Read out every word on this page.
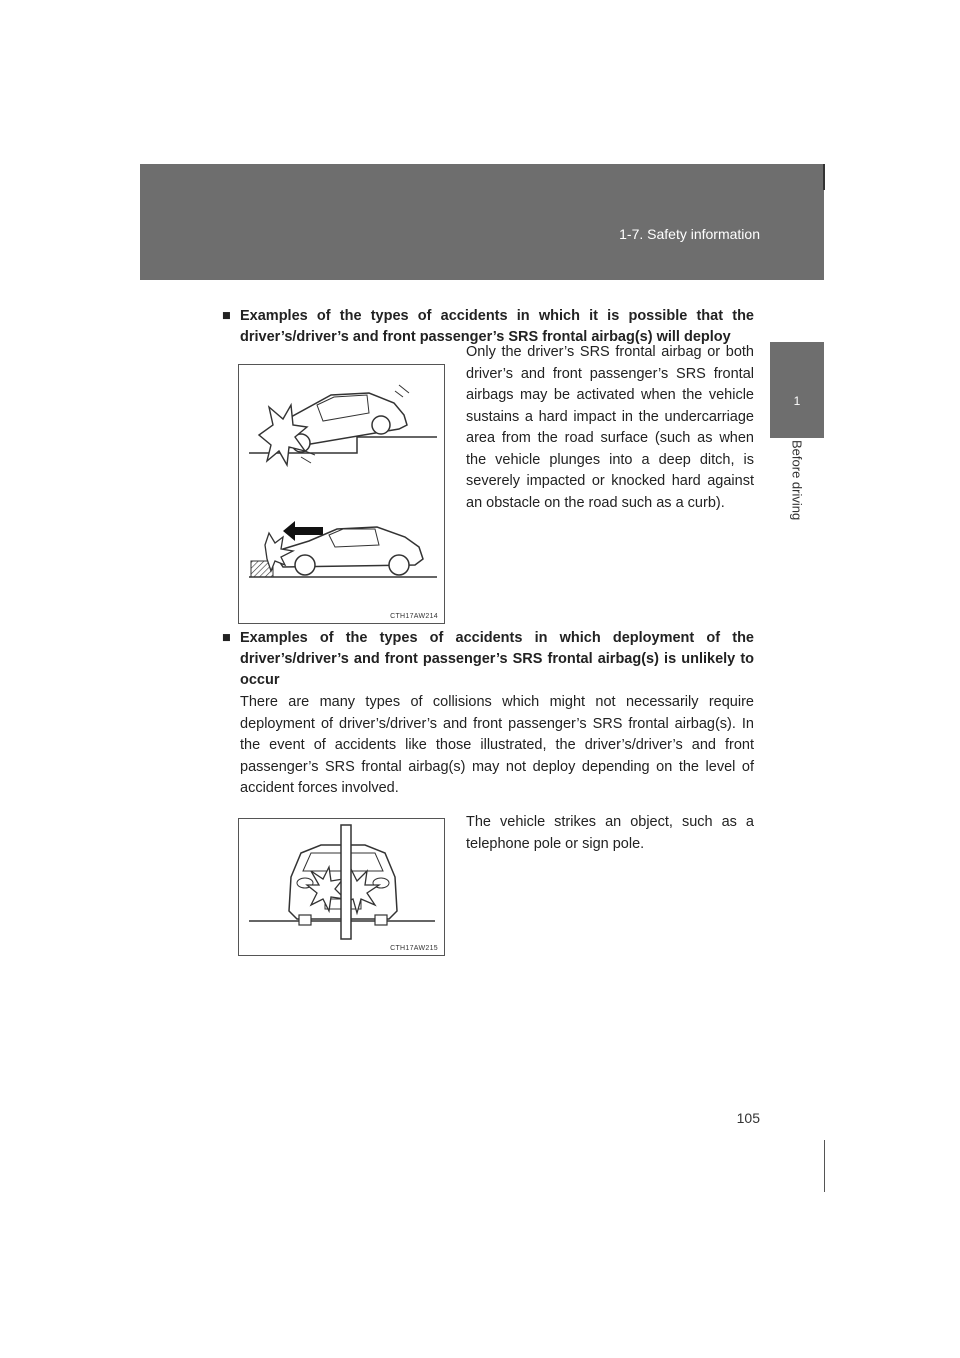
1-7. Safety information
1
Before driving
■ Examples of the types of accidents in which it is possible that the driver’s/driver’s and front passenger’s SRS frontal airbag(s) will deploy
CTH17AW214
Only the driver’s SRS frontal airbag or both driver’s and front passenger’s SRS frontal airbags may be activated when the vehicle sustains a hard impact in the undercarriage area from the road surface (such as when the vehicle plunges into a deep ditch, is severely impacted or knocked hard against an obstacle on the road such as a curb).
■ Examples of the types of accidents in which deployment of the driver’s/driver’s and front passenger’s SRS frontal airbag(s) is unlikely to occur
There are many types of collisions which might not necessarily require deployment of driver’s/driver’s and front passenger’s SRS frontal airbag(s). In the event of accidents like those illustrated, the driver’s/driver’s and front passenger’s SRS frontal airbag(s) may not deploy depending on the level of accident forces involved.
CTH17AW215
The vehicle strikes an object, such as a telephone pole or sign pole.
105
